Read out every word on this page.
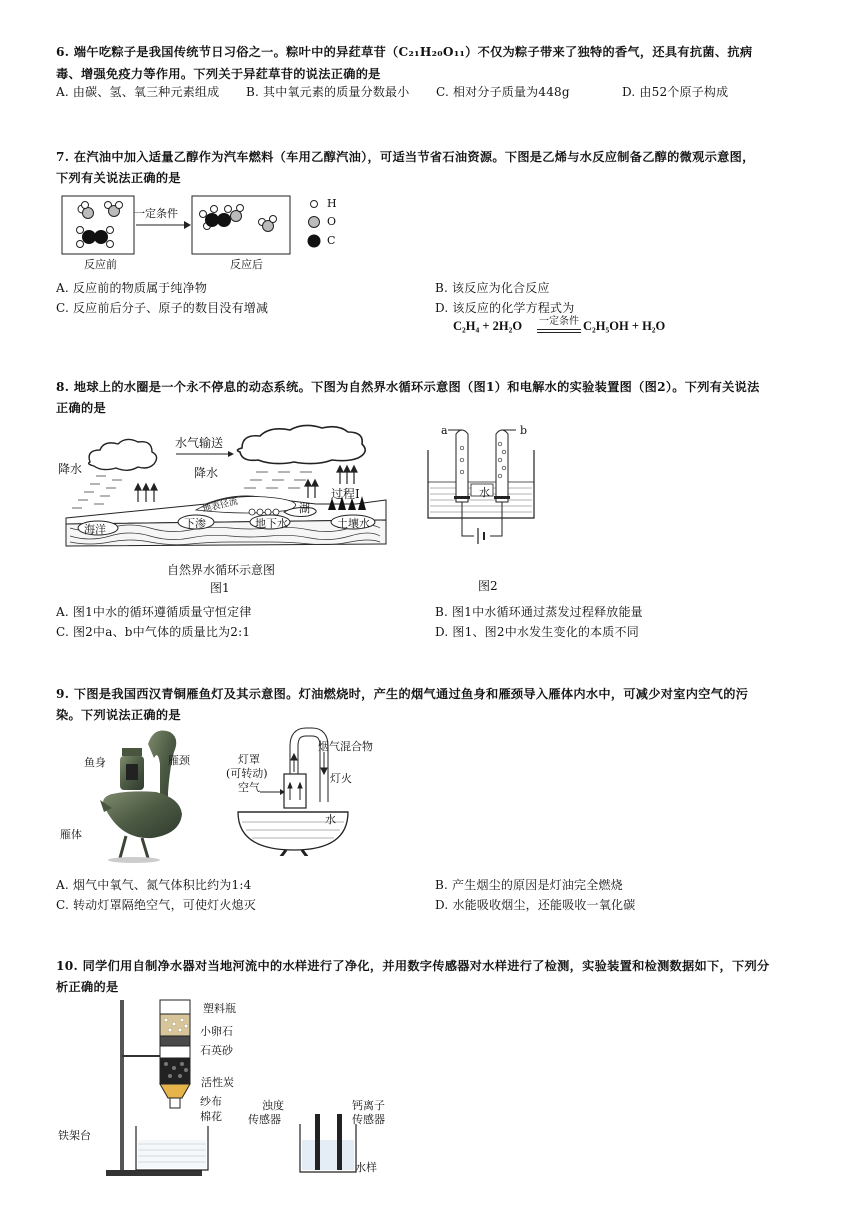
6. 端午吃粽子是我国传统节日习俗之一。粽叶中的异荭草苷（C₂₁H₂₀O₁₁）不仅为粽子带来了独特的香气，还具有抗菌、抗病
毒、增强免疫力等作用。下列关于异荭草苷的说法正确的是
A. 由碳、氢、氧三种元素组成 B. 其中氧元素的质量分数最小 C. 相对分子质量为448g	D. 由52个原子构成
7. 在汽油中加入适量乙醇作为汽车燃料（车用乙醇汽油），可适当节省石油资源。下图是乙烯与水反应制备乙醇的微观示意图，
下列有关说法正确的是
一定条件
反应前	反应后
H
O
C
A. 反应前的物质属于纯净物	B. 该反应为化合反应
C. 反应前后分子、原子的数目没有增减	D. 该反应的化学方程式为
C₂H₄ + 2H₂O 一定条件 C₂H₅OH + H₂O
8. 地球上的水圈是一个永不停息的动态系统。下图为自然界水循环示意图（图1）和电解水的实验装置图（图2）。下列有关说法
正确的是
水气输送
降水	降水
地表径流
过程I
海洋	下渗	地下水
湖
土壤水
自然界水循环示意图
图1
a	b
水
图2
A. 图1中水的循环遵循质量守恒定律	B. 图1中水循环通过蒸发过程释放能量
C. 图2中a、b中气体的质量比为2:1	D. 图1、图2中水发生变化的本质不同
9. 下图是我国西汉青铜雁鱼灯及其示意图。灯油燃烧时，产生的烟气通过鱼身和雁颈导入雁体内水中，可减少对室内空气的污
染。下列说法正确的是
鱼身	雁颈
雁体
烟气混合物
灯罩
(可转动)
空气
灯火
水
A. 烟气中氧气、氮气体积比约为1:4	B. 产生烟尘的原因是灯油完全燃烧
C. 转动灯罩隔绝空气，可使灯火熄灭	D. 水能吸收烟尘，还能吸收一氧化碳
10. 同学们用自制净水器对当地河流中的水样进行了净化，并用数字传感器对水样进行了检测，实验装置和检测数据如下，下列分
析正确的是
塑料瓶
小卵石
石英砂
活性炭
纱布
棉花
铁架台
浊度
传感器
钙离子
传感器
水样
